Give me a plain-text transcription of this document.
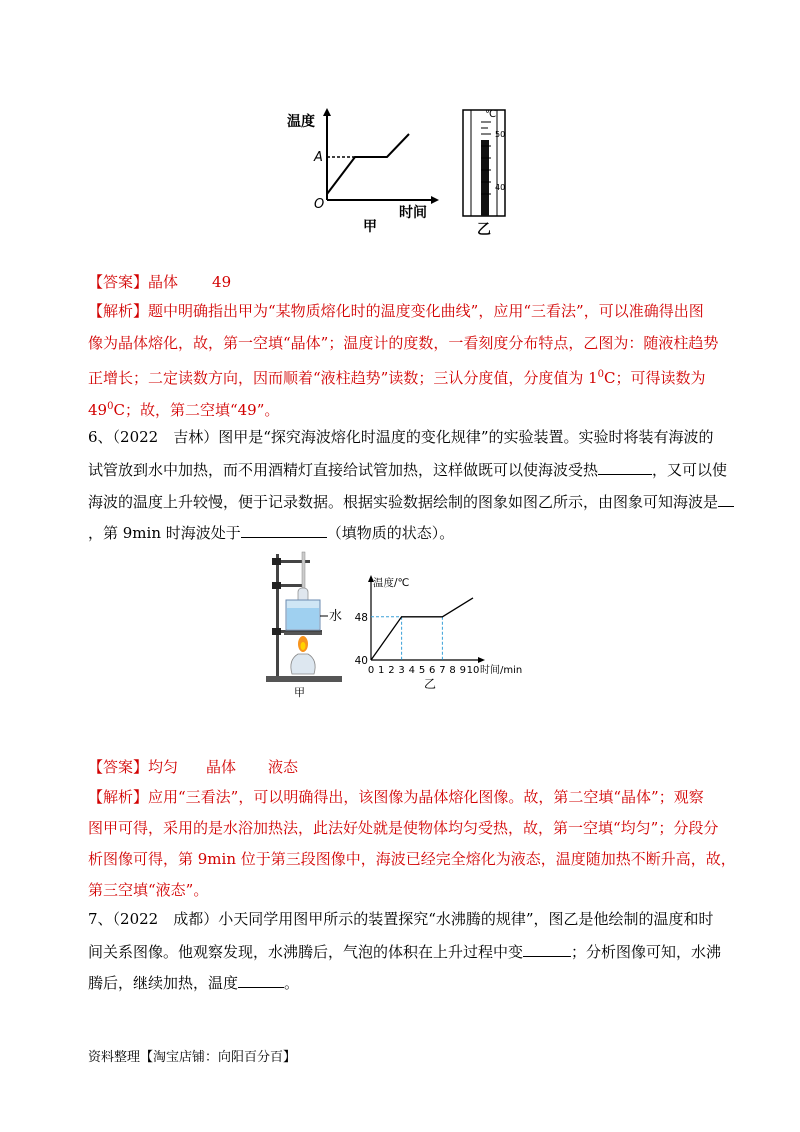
温度
A
O
时间
甲
℃
50
40
乙
【答案】晶体 49
【解析】题中明确指出甲为“某物质熔化时的温度变化曲线”，应用“三看法”，可以准确得出图
像为晶体熔化，故，第一空填“晶体”；温度计的度数，一看刻度分布特点，乙图为：随液柱趋势
正增长；二定读数方向，因而顺着“液柱趋势”读数；三认分度值，分度值为 $1^0C$；可得读数为
$49^0C$；故，第二空填“49”。
6、（2022　吉林）图甲是“探究海波熔化时温度的变化规律”的实验装置。实验时将装有海波的
试管放到水中加热，而不用酒精灯直接给试管加热，这样做既可以使海波受热	，又可以使
海波的温度上升较慢，便于记录数据。根据实验数据绘制的图象如图乙所示，由图象可知海波是
，第 9min 时海波处于	（填物质的状态）。
水
甲
温度/℃
时间/min
40
48
0 1 2 3 4 5 6 7 8 9 10
乙
【答案】均匀 晶体 液态
【解析】应用“三看法”，可以明确得出，该图像为晶体熔化图像。故，第二空填“晶体”；观察
图甲可得，采用的是水浴加热法，此法好处就是使物体均匀受热，故，第一空填“均匀”；分段分
析图像可得，第 9min 位于第三段图像中，海波已经完全熔化为液态，温度随加热不断升高，故，
第三空填“液态”。
7、（2022　成都）小天同学用图甲所示的装置探究“水沸腾的规律”，图乙是他绘制的温度和时
间关系图像。他观察发现，水沸腾后，气泡的体积在上升过程中变	；分析图像可知，水沸
腾后，继续加热，温度	。
资料整理【淘宝店铺：向阳百分百】
